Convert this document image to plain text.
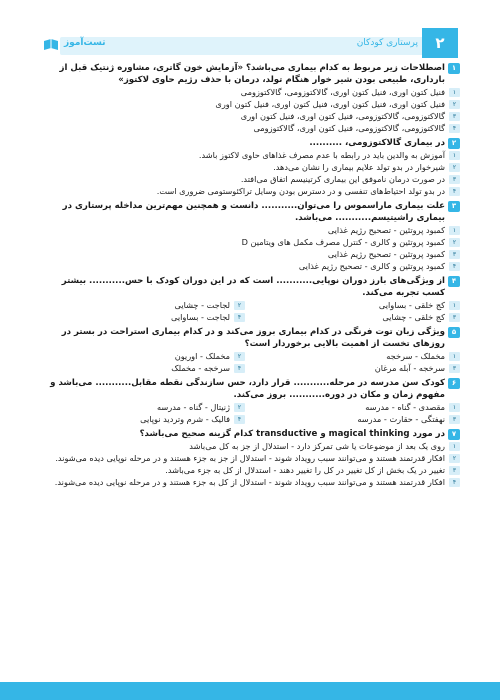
تست‌آموز	پرستاری کودکان	۲
۱
اصطلاحات زیر مربوط به کدام بیماری می‌باشد؟ «آزمایش خون گاتری، مشاوره ژنتیک قبل از بارداری، طبیعی بودن شیر خوار هنگام تولد، درمان با حذف رژیم حاوی لاکتوز»
۱
فنیل کتون اوری، فنیل کتون اوری، گالاکتوزومی، گالاکتوزومی
۲
فنیل کتون اوری، فنیل کتون اوری، فنیل کتون اوری، فنیل کتون اوری
۳
گالاکتوزومی، گالاکتوزومی، فنیل کتون اوری، فنیل کتون اوری
۴
گالاکتوزومی، گالاکتوزومی، فنیل کتون اوری، گالاکتوزومی
۲
در بیماری گالاکتوزومی، ..........
۱
آموزش به والدین باید در رابطه با عدم مصرف غذاهای حاوی لاکتوز باشد.
۲
شیرخوار در بدو تولد علایم بیماری را نشان می‌دهد.
۳
در صورت درمان نامو‌فق این بیماری کرتینیسم اتفاق می‌افتد.
۴
در بدو تولد احتیاط‌های تنفسی و در دسترس بودن وسایل تراکئوستومی ضروری است.
۳
علت بیماری ماراسموس را می‌توان........... دانست و همچنین مهم‌ترین مداخله پرستاری در بیماری راشیتیسم........... می‌باشد.
۱
کمبود پروتئین - تصحیح رژیم غذایی
۲
کمبود پروتئین و کالری - کنترل مصرف مکمل های ویتامین D
۳
کمبود پروتئین - تصحیح رژیم غذایی
۴
کمبود پروتئین و کالری - تصحیح رژیم غذایی
۴
از ویژگی‌های بارز دوران نوپایی........... است که در این دوران کودک با حس........... بیشتر کسب تجربه می‌کند.
۱
کج خلقی - بساوایی
۲
لجاجت - چشایی
۳
کج خلقی - چشایی
۴
لجاجت - بساوایی
۵
ویژگی زبان توت فرنگی در کدام بیماری بروز می‌کند و در کدام بیماری استراحت در بستر در روزهای تخست از اهمیت بالایی برخوردار است؟
۱
مخملک - سرخجه
۲
مخملک - اوریون
۳
سرخجه - آبله مرغان
۴
سرخجه - مخملک
۶
کودک سن مدرسه در مرحله........... قرار دارد، حس سازندگی نقطه مقابل........... می‌باشد و مفهوم زمان و مکان در دوره........... بروز می‌کند.
۱
مقصدی - گناه - مدرسه
۲
ژنیتال - گناه - مدرسه
۳
نهفتگی - حقارت - مدرسه
۴
فالیک - شرم وتردید نوپایی
۷
در مورد magical thinking و transductive کدام گزینه صحیح می‌باشد؟
۱
روی یک بعد از موضوعات یا شی تمرکز دارد - استدلال از جز به کل می‌باشد
۲
افکار قدرتمند هستند و می‌توانند سبب رویداد شوند - استدلال از جز به جزء هستند و در مرحله نوپایی دیده می‌شوند.
۳
تغییر در یک بخش از کل تغییر در کل را تغییر دهند - استدلال از کل به جزء می‌باشد.
۴
افکار قدرتمند هستند و می‌توانند سبب رویداد شوند - استدلال از کل به جزء هستند و در مرحله نوپایی دیده می‌شوند.
